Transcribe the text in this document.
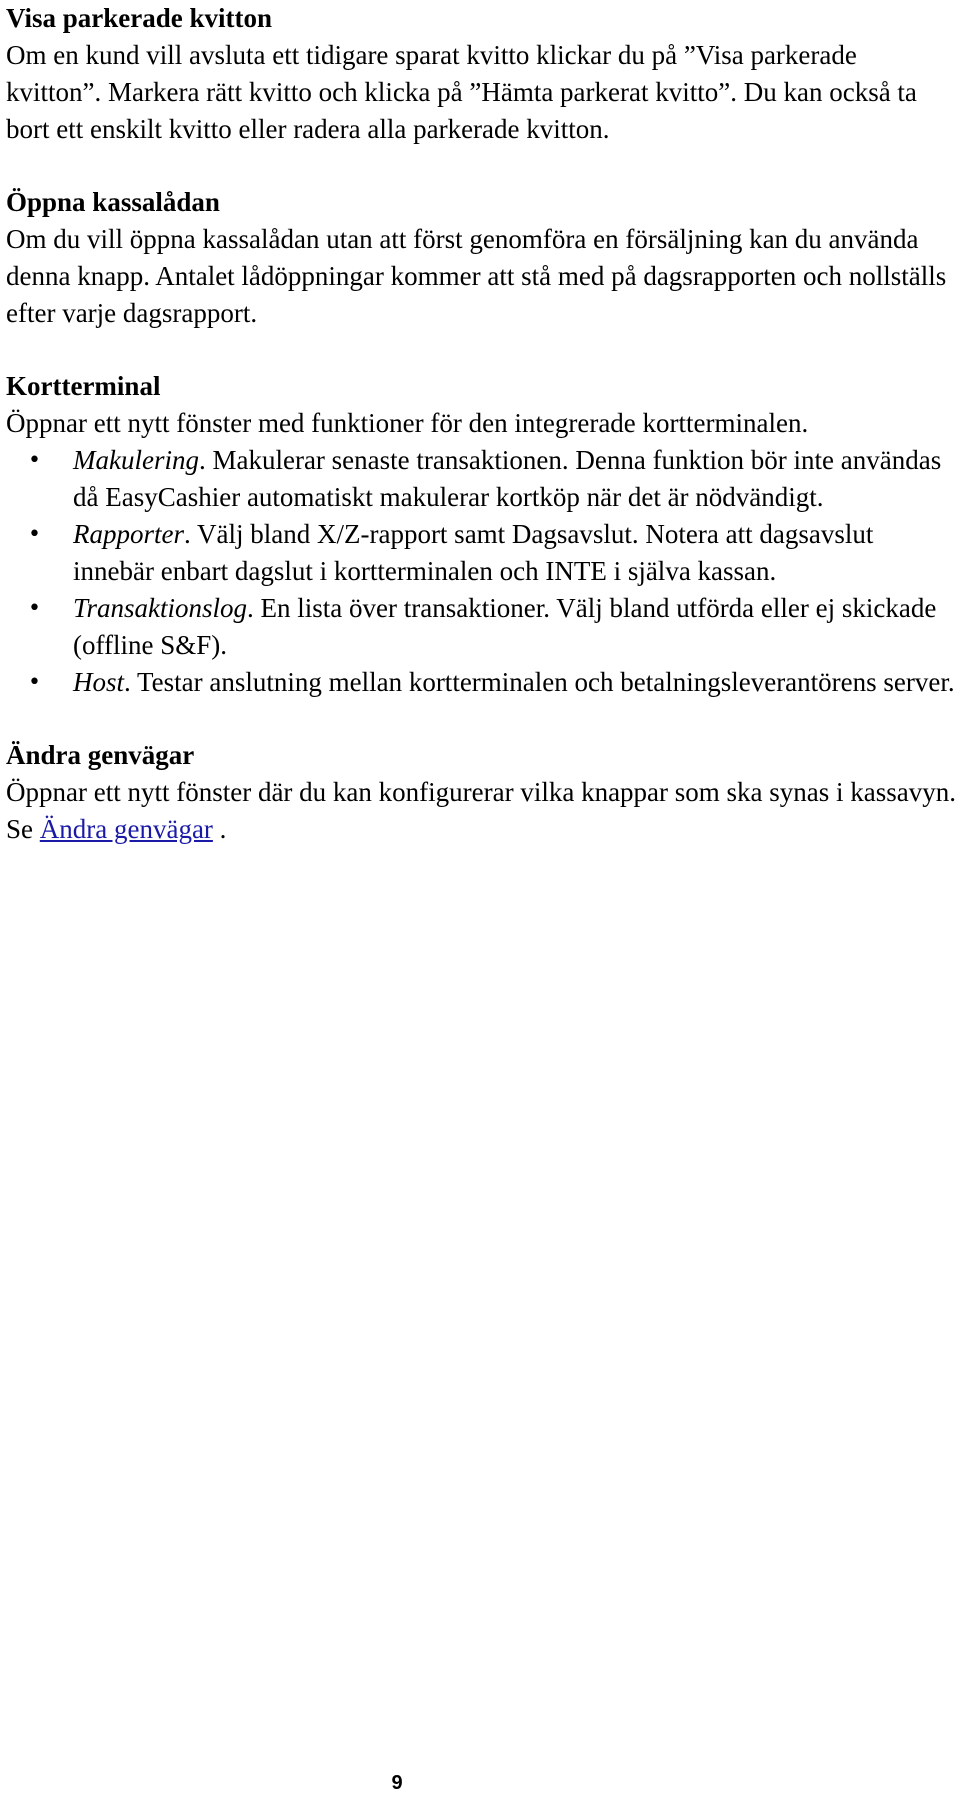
Visa parkerade kvitton

Om en kund vill avsluta ett tidigare sparat kvitto klickar du på ”Visa parkerade kvitton”. Markera rätt kvitto och klicka på ”Hämta parkerat kvitto”. Du kan också ta bort ett enskilt kvitto eller radera alla parkerade kvitton.

Öppna kassalådan

Om du vill öppna kassalådan utan att först genomföra en försäljning kan du använda denna knapp. Antalet lådöppningar kommer att stå med på dagsrapporten och nollställs efter varje dagsrapport.

Kortterminal

Öppnar ett nytt fönster med funktioner för den integrerade kortterminalen.

• Makulering. Makulerar senaste transaktionen. Denna funktion bör inte användas då EasyCashier automatiskt makulerar kortköp när det är nödvändigt.
• Rapporter. Välj bland X/Z-rapport samt Dagsavslut. Notera att dagsavslut innebär enbart dagslut i kortterminalen och INTE i själva kassan.
• Transaktionslog. En lista över transaktioner. Välj bland utförda eller ej skickade (offline S&F).
• Host. Testar anslutning mellan kortterminalen och betalningsleverantörens server.

Ändra genvägar

Öppnar ett nytt fönster där du kan konfigurerar vilka knappar som ska synas i kassavyn. Se Ändra genvägar .

9
